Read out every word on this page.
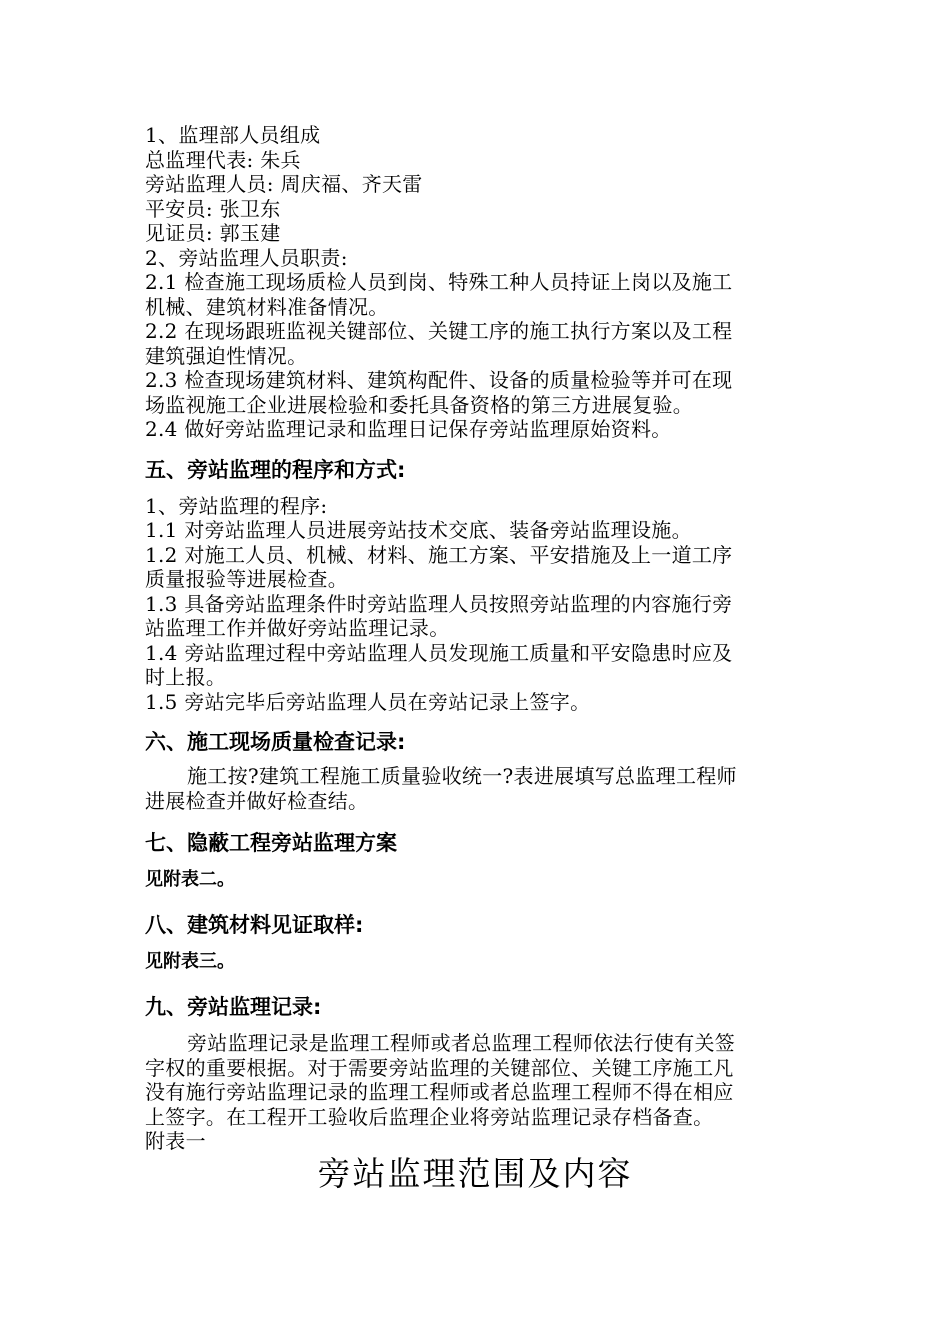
1、监理部人员组成
总监理代表: 朱兵
旁站监理人员: 周庆福、齐天雷
平安员: 张卫东
见证员: 郭玉建
2、旁站监理人员职责:
2.1 检查施工现场质检人员到岗、特殊工种人员持证上岗以及施工
机械、建筑材料准备情况。
2.2 在现场跟班监视关键部位、关键工序的施工执行方案以及工程
建筑强迫性情况。
2.3 检查现场建筑材料、建筑构配件、设备的质量检验等并可在现
场监视施工企业进展检验和委托具备资格的第三方进展复验。
2.4 做好旁站监理记录和监理日记保存旁站监理原始资料。
五、旁站监理的程序和方式:
1、旁站监理的程序:
1.1 对旁站监理人员进展旁站技术交底、装备旁站监理设施。
1.2 对施工人员、机械、材料、施工方案、平安措施及上一道工序
质量报验等进展检查。
1.3 具备旁站监理条件时旁站监理人员按照旁站监理的内容施行旁
站监理工作并做好旁站监理记录。
1.4 旁站监理过程中旁站监理人员发现施工质量和平安隐患时应及
时上报。
1.5 旁站完毕后旁站监理人员在旁站记录上签字。
六、施工现场质量检查记录:
施工按?建筑工程施工质量验收统一?表进展填写总监理工程师
进展检查并做好检查结。
七、隐蔽工程旁站监理方案
见附表二。
八、建筑材料见证取样:
见附表三。
九、旁站监理记录:
旁站监理记录是监理工程师或者总监理工程师依法行使有关签
字权的重要根据。对于需要旁站监理的关键部位、关键工序施工凡
没有施行旁站监理记录的监理工程师或者总监理工程师不得在相应
上签字。在工程开工验收后监理企业将旁站监理记录存档备查。
附表一
旁站监理范围及内容
